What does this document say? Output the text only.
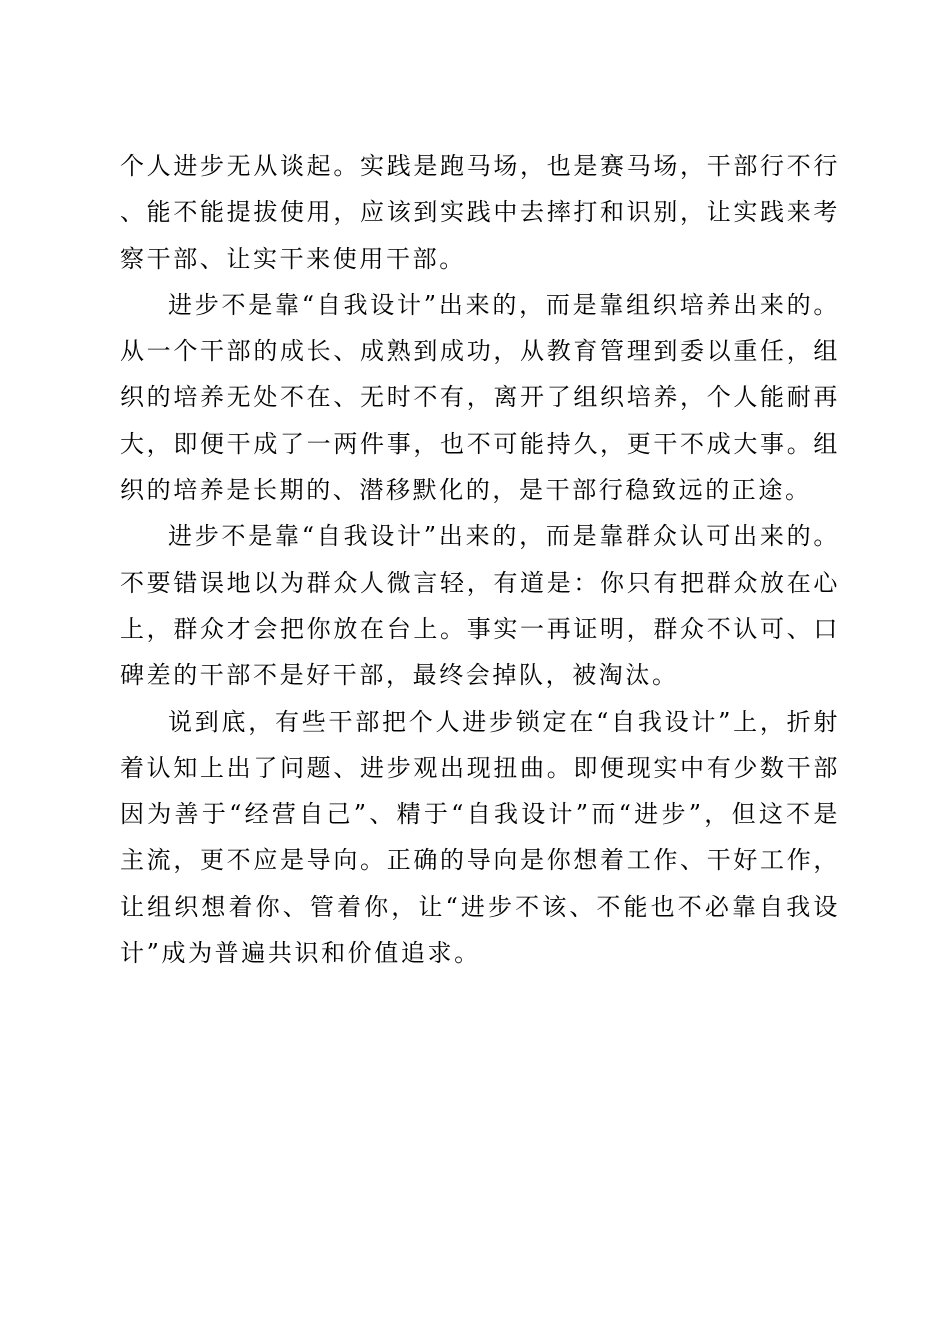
个人进步无从谈起。实践是跑马场，也是赛马场，干部行不行、能不能提拔使用，应该到实践中去摔打和识别，让实践来考察干部、让实干来使用干部。

进步不是靠“自我设计”出来的，而是靠组织培养出来的。从一个干部的成长、成熟到成功，从教育管理到委以重任，组织的培养无处不在、无时不有，离开了组织培养，个人能耐再大，即便干成了一两件事，也不可能持久，更干不成大事。组织的培养是长期的、潜移默化的，是干部行稳致远的正途。

进步不是靠“自我设计”出来的，而是靠群众认可出来的。不要错误地以为群众人微言轻，有道是：你只有把群众放在心上，群众才会把你放在台上。事实一再证明，群众不认可、口碑差的干部不是好干部，最终会掉队，被淘汰。

说到底，有些干部把个人进步锁定在“自我设计”上，折射着认知上出了问题、进步观出现扭曲。即便现实中有少数干部因为善于“经营自己”、精于“自我设计”而“进步”，但这不是主流，更不应是导向。正确的导向是你想着工作、干好工作，让组织想着你、管着你，让“进步不该、不能也不必靠自我设计”成为普遍共识和价值追求。
